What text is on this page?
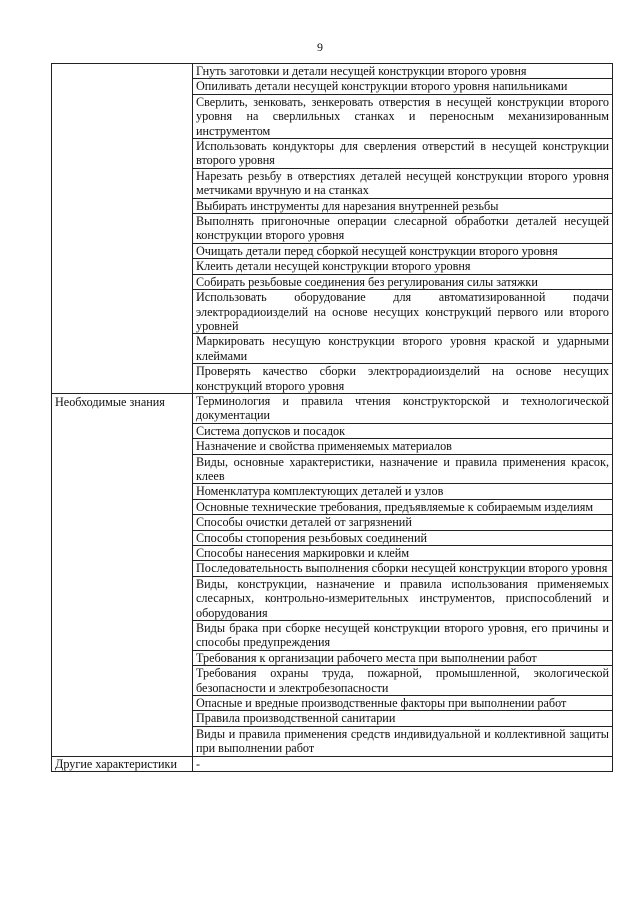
9
	Гнуть заготовки и детали несущей конструкции второго уровня
	Опиливать детали несущей конструкции второго уровня напильниками
	Сверлить, зенковать, зенкеровать отверстия в несущей конструкции второго уровня на сверлильных станках и переносным механизированным инструментом
	Использовать кондукторы для сверления отверстий в несущей конструкции второго уровня
	Нарезать резьбу в отверстиях деталей несущей конструкции второго уровня метчиками вручную и на станках
	Выбирать инструменты для нарезания внутренней резьбы
	Выполнять пригоночные операции слесарной обработки деталей несущей конструкции второго уровня
	Очищать детали перед сборкой несущей конструкции второго уровня
	Клеить детали несущей конструкции второго уровня
	Собирать резьбовые соединения без регулирования силы затяжки
	Использовать оборудование для автоматизированной подачи электрорадиоизделий на основе несущих конструкций первого или второго уровней
	Маркировать несущую конструкции второго уровня краской и ударными клеймами
	Проверять качество сборки электрорадиоизделий на основе несущих конструкций второго уровня

Необходимые знания	Терминология и правила чтения конструкторской и технологической документации
	Система допусков и посадок
	Назначение и свойства применяемых материалов
	Виды, основные характеристики, назначение и правила применения красок, клеев
	Номенклатура комплектующих деталей и узлов
	Основные технические требования, предъявляемые к собираемым изделиям
	Способы очистки деталей от загрязнений
	Способы стопорения резьбовых соединений
	Способы нанесения маркировки и клейм
	Последовательность выполнения сборки несущей конструкции второго уровня
	Виды, конструкции, назначение и правила использования применяемых слесарных, контрольно-измерительных инструментов, приспособлений и оборудования
	Виды брака при сборке несущей конструкции второго уровня, его причины и способы предупреждения
	Требования к организации рабочего места при выполнении работ
	Требования охраны труда, пожарной, промышленной, экологической безопасности и электробезопасности
	Опасные и вредные производственные факторы при выполнении работ
	Правила производственной санитарии
	Виды и правила применения средств индивидуальной и коллективной защиты при выполнении работ
Другие характеристики	-
